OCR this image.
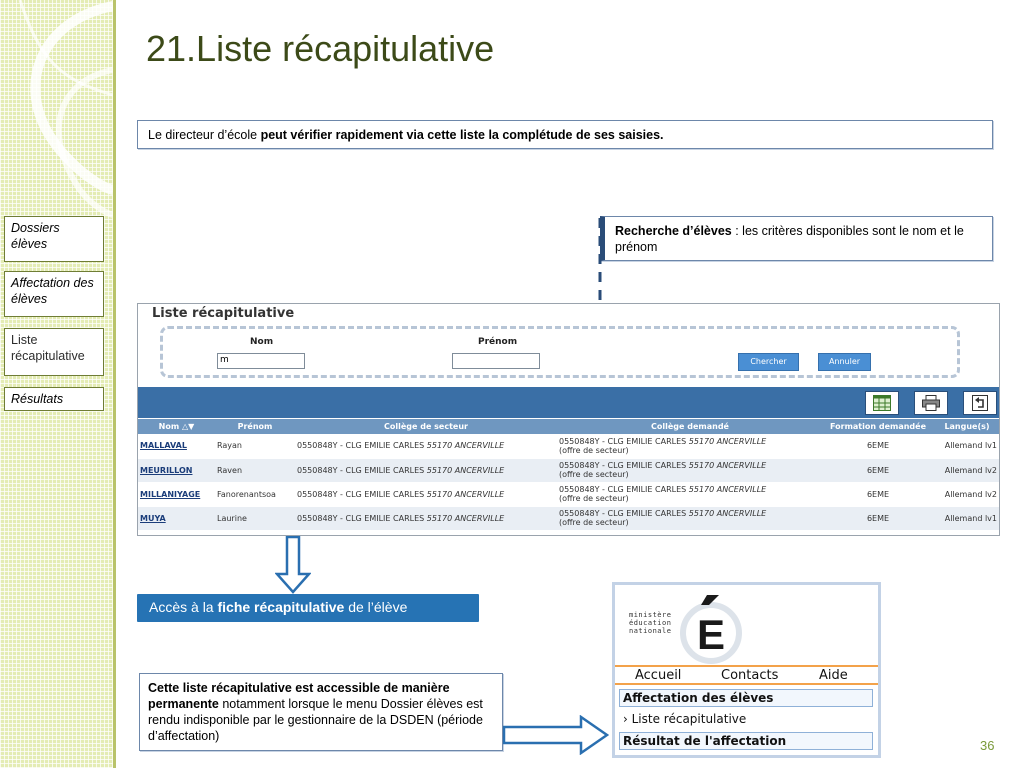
Dossiers élèves
Affectation des élèves
Liste récapitulative
Résultats
21.Liste récapitulative
Le directeur d’école peut vérifier rapidement via cette liste la complétude de ses saisies.
Recherche d’élèves : les critères disponibles sont le nom et le prénom
Liste récapitulative
Nom
m
Prénom
Chercher	Annuler
Nom △▼	Prénom	Collège de secteur	Collège demandé	Formation demandée	Langue(s)
MALLAVAL	Rayan	0550848Y - CLG EMILIE CARLES 55170 ANCERVILLE	0550848Y - CLG EMILIE CARLES 55170 ANCERVILLE
(offre de secteur)	6EME	Allemand lv1
MEURILLON	Raven	0550848Y - CLG EMILIE CARLES 55170 ANCERVILLE	0550848Y - CLG EMILIE CARLES 55170 ANCERVILLE
(offre de secteur)	6EME	Allemand lv2
MILLANIYAGE	Fanorenantsoa	0550848Y - CLG EMILIE CARLES 55170 ANCERVILLE	0550848Y - CLG EMILIE CARLES 55170 ANCERVILLE
(offre de secteur)	6EME	Allemand lv2
MUYA	Laurine	0550848Y - CLG EMILIE CARLES 55170 ANCERVILLE	0550848Y - CLG EMILIE CARLES 55170 ANCERVILLE
(offre de secteur)	6EME	Allemand lv1
Accès à la fiche récapitulative de l’élève
Cette liste récapitulative est accessible de manière permanente notamment lorsque le menu Dossier élèves est rendu indisponible par le gestionnaire de la DSDEN (période d’affectation)
ministère
éducation
nationale E
Accueil	Contacts	Aide
Affectation des élèves
› Liste récapitulative
Résultat de l'affectation	36
